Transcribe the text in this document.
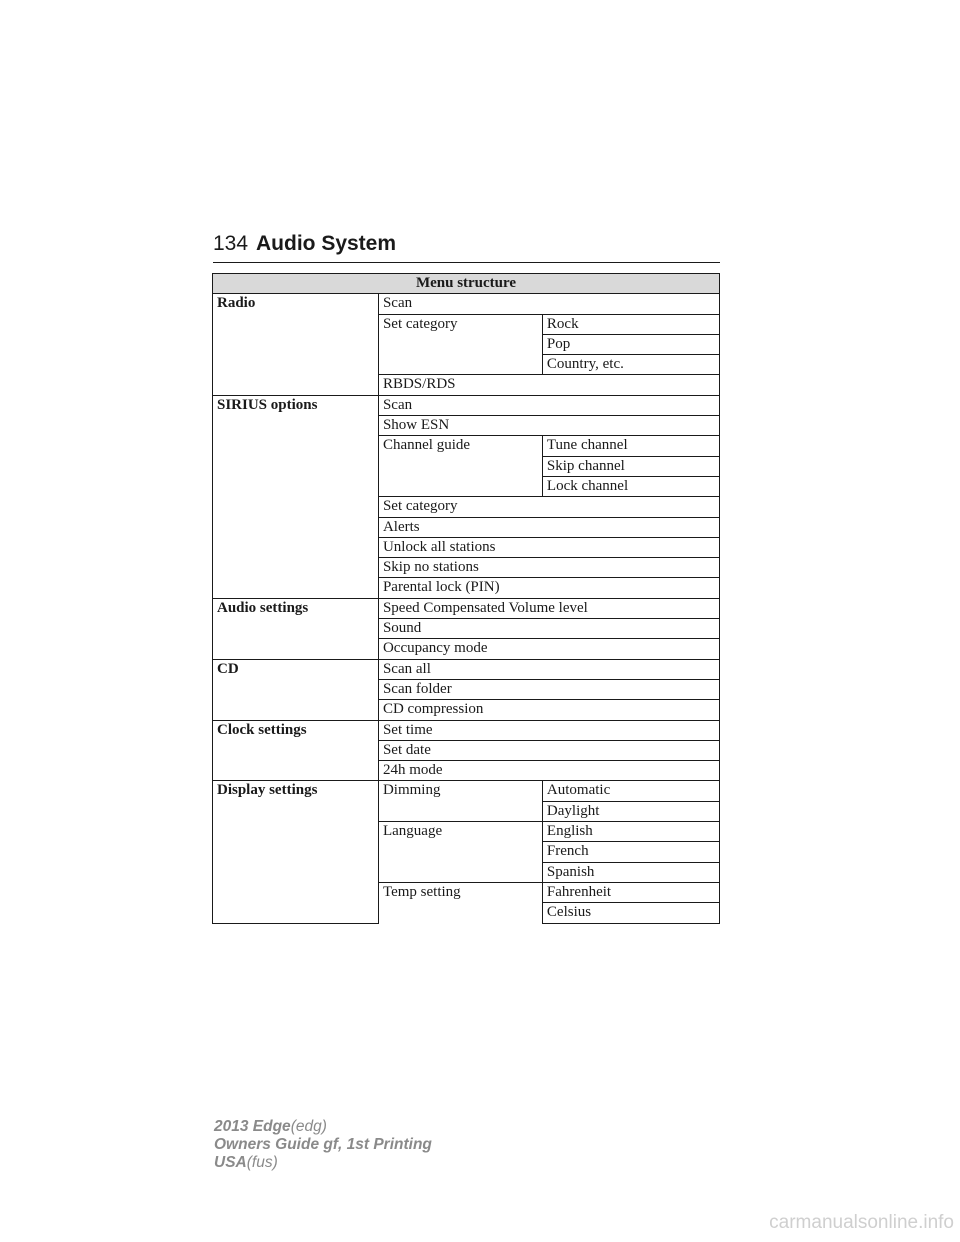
134 Audio System
Menu structure		
Radio	Scan	
	Set category	Rock
		Pop
		Country, etc.
	RBDS/RDS	
SIRIUS options	Scan	
	Show ESN	
	Channel guide	Tune channel
		Skip channel
		Lock channel
	Set category	
	Alerts	
	Unlock all stations	
	Skip no stations	
	Parental lock (PIN)	
Audio settings	Speed Compensated Volume level	
	Sound	
	Occupancy mode	
CD	Scan all	
	Scan folder	
	CD compression	
Clock settings	Set time	
	Set date	
	24h mode	
Display settings	Dimming	Automatic
		Daylight
	Language	English
		French
		Spanish
	Temp setting	Fahrenheit
		Celsius
2013 Edge(edg)
Owners Guide gf, 1st Printing
USA(fus)
carmanualsonline.info
